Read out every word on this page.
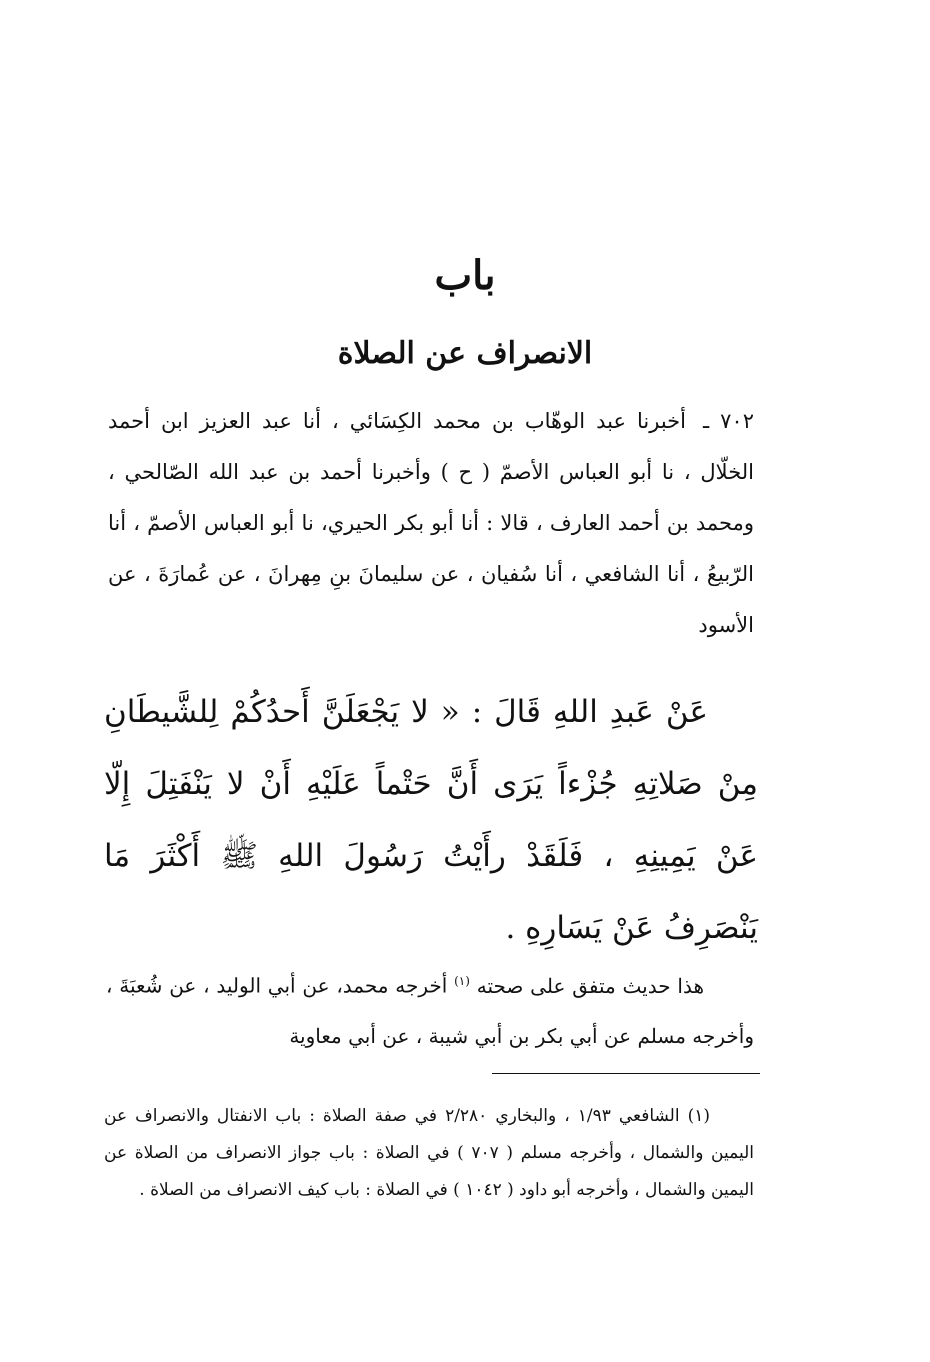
باب
الانصراف عن الصلاة

٧٠٢ ـ أخبرنا عبد الوهّاب بن محمد الكِسَائي ، أنا عبد العزيز ابن أحمد الخلّال ، نا أبو العباس الأصمّ ( ح ) وأخبرنا أحمد بن عبد الله الصّالحي ، ومحمد بن أحمد العارف ، قالا : أنا أبو بكر الحيري، نا أبو العباس الأصمّ ، أنا الرّبيعُ ، أنا الشافعي ، أنا سُفيان ، عن سليمانَ بنِ مِهرانَ ، عن عُمارَةَ ، عن الأسود

عَنْ عَبدِ اللهِ قَالَ : « لا يَجْعَلَنَّ أَحدُكُمْ لِلشَّيطَانِ مِنْ صَلاتِهِ جُزْءاً يَرَى أَنَّ حَتْماً عَلَيْهِ أَنْ لا يَنْفَتِلَ إِلّا عَنْ يَمِينِهِ ، فَلَقَدْ رأَيْتُ رَسُولَ اللهِ ﷺ أَكْثَرَ مَا يَنْصَرِفُ عَنْ يَسَارِهِ .

هذا حديث متفق على صحته $^{(١)}$ أخرجه محمد، عن أبي الوليد ، عن شُعبَةَ ، وأخرجه مسلم عن أبي بكر بن أبي شيبة ، عن أبي معاوية

(١) الشافعي ١/٩٣ ، والبخاري ٢/٢٨٠ في صفة الصلاة : باب الانفتال والانصراف عن اليمين والشمال ، وأخرجه مسلم ( ٧٠٧ ) في الصلاة : باب جواز الانصراف من الصلاة عن اليمين والشمال ، وأخرجه أبو داود ( ١٠٤٢ ) في الصلاة : باب كيف الانصراف من الصلاة .
